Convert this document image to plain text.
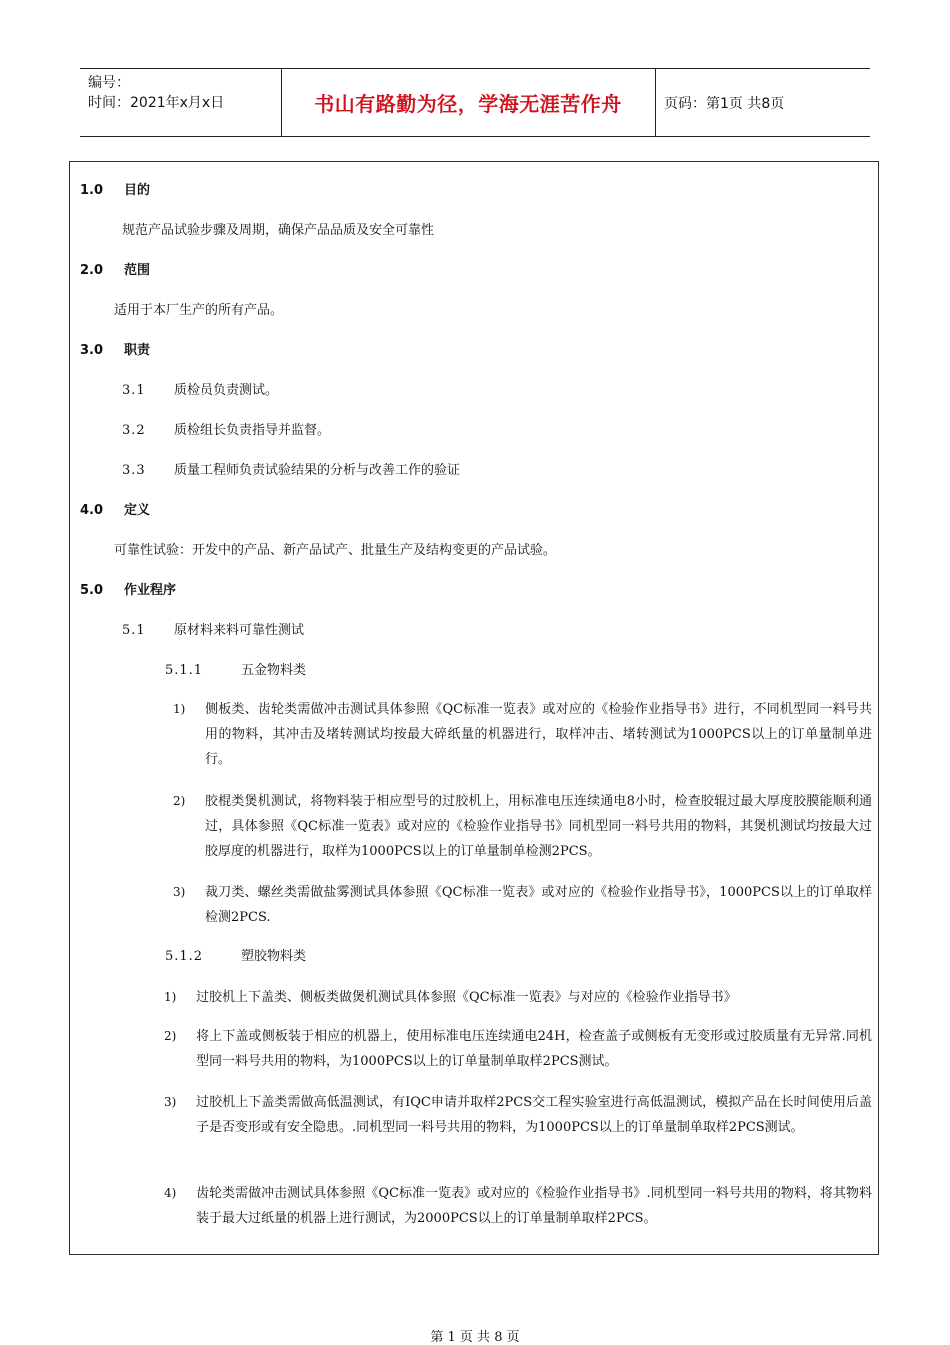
编号：
时间：2021年x月x日	书山有路勤为径，学海无涯苦作舟	页码：第1页 共8页
1.0 目的
规范产品试验步骤及周期，确保产品品质及安全可靠性
2.0 范围
适用于本厂生产的所有产品。
3.0 职责
3.1 质检员负责测试。
3.2 质检组长负责指导并监督。
3.3 质量工程师负责试验结果的分析与改善工作的验证
4.0 定义
可靠性试验：开发中的产品、新产品试产、批量生产及结构变更的产品试验。
5.0 作业程序
5.1 原材料来料可靠性测试
5.1.1	五金物料类
1) 侧板类、齿轮类需做冲击测试具体参照《QC标准一览表》或对应的《检验作业指导书》进行，不同机型同一料号共用的物料，其冲击及堵转测试均按最大碎纸量的机器进行，取样冲击、堵转测试为1000PCS以上的订单量制单进行。
2) 胶棍类煲机测试，将物料装于相应型号的过胶机上，用标准电压连续通电8小时，检查胶辊过最大厚度胶膜能顺利通过，具体参照《QC标准一览表》或对应的《检验作业指导书》同机型同一料号共用的物料，其煲机测试均按最大过胶厚度的机器进行，取样为1000PCS以上的订单量制单检测2PCS。
3) 裁刀类、螺丝类需做盐雾测试具体参照《QC标准一览表》或对应的《检验作业指导书》，1000PCS以上的订单取样检测2PCS.
5.1.2	塑胶物料类
1) 过胶机上下盖类、侧板类做煲机测试具体参照《QC标准一览表》与对应的《检验作业指导书》
2) 将上下盖或侧板装于相应的机器上，使用标准电压连续通电24H，检查盖子或侧板有无变形或过胶质量有无异常.同机型同一料号共用的物料，为1000PCS以上的订单量制单取样2PCS测试。
3) 过胶机上下盖类需做高低温测试，有IQC申请并取样2PCS交工程实验室进行高低温测试，模拟产品在长时间使用后盖子是否变形或有安全隐患。.同机型同一料号共用的物料，为1000PCS以上的订单量制单取样2PCS测试。
4) 齿轮类需做冲击测试具体参照《QC标准一览表》或对应的《检验作业指导书》.同机型同一料号共用的物料，将其物料装于最大过纸量的机器上进行测试，为2000PCS以上的订单量制单取样2PCS。
第 1 页 共 8 页
